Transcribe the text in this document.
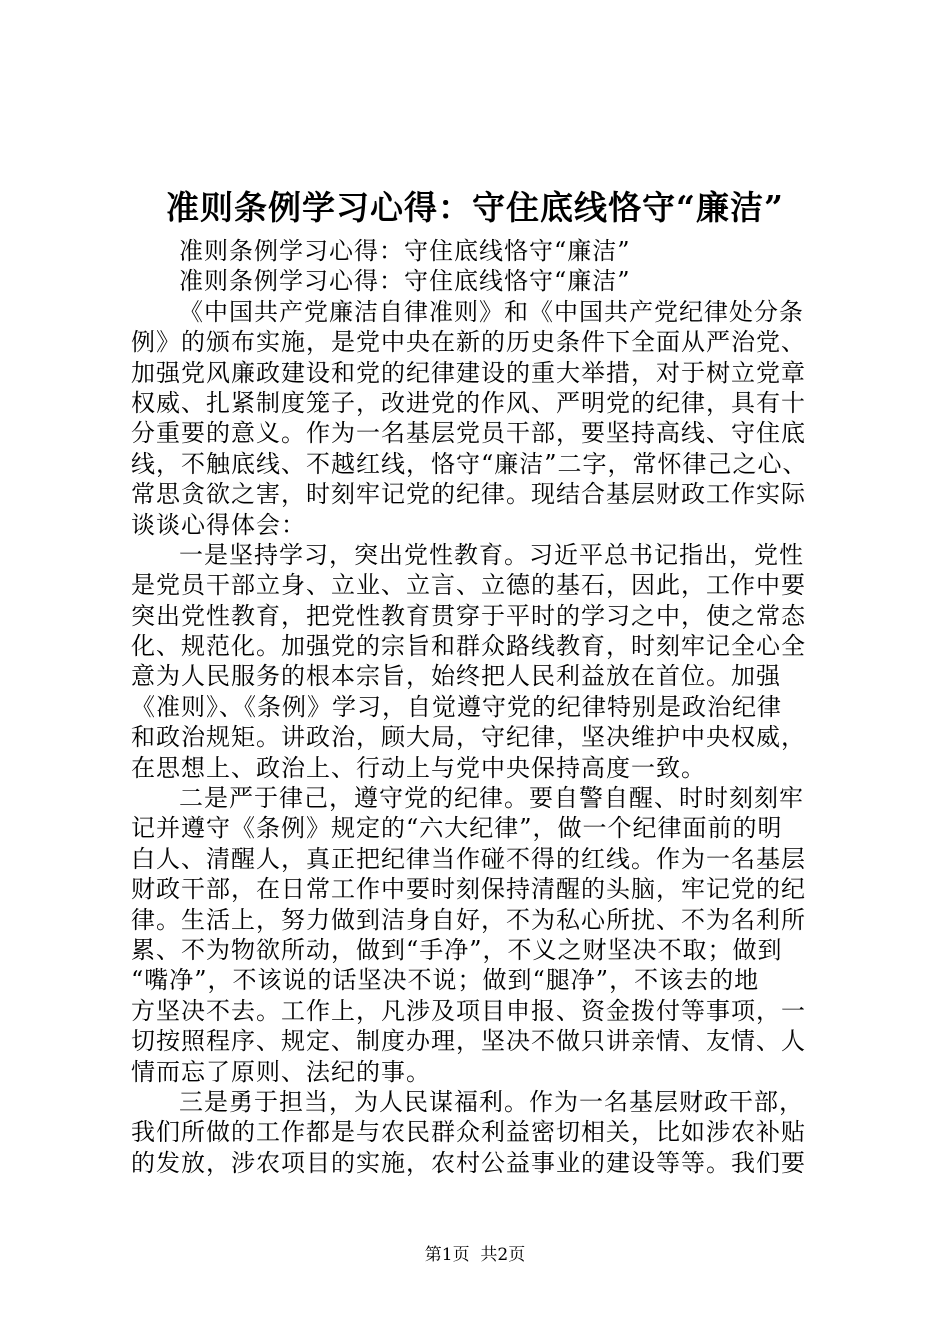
准则条例学习心得：守住底线恪守“廉洁”
准则条例学习心得：守住底线恪守“廉洁”
准则条例学习心得：守住底线恪守“廉洁”
《中国共产党廉洁自律准则》和《中国共产党纪律处分条
例》的颁布实施，是党中央在新的历史条件下全面从严治党、
加强党风廉政建设和党的纪律建设的重大举措，对于树立党章
权威、扎紧制度笼子，改进党的作风、严明党的纪律，具有十
分重要的意义。作为一名基层党员干部，要坚持高线、守住底
线，不触底线、不越红线，恪守“廉洁”二字，常怀律己之心、
常思贪欲之害，时刻牢记党的纪律。现结合基层财政工作实际
谈谈心得体会：
一是坚持学习，突出党性教育。习近平总书记指出，党性
是党员干部立身、立业、立言、立德的基石，因此，工作中要
突出党性教育，把党性教育贯穿于平时的学习之中，使之常态
化、规范化。加强党的宗旨和群众路线教育，时刻牢记全心全
意为人民服务的根本宗旨，始终把人民利益放在首位。加强
《准则》、《条例》学习，自觉遵守党的纪律特别是政治纪律
和政治规矩。讲政治，顾大局，守纪律，坚决维护中央权威，
在思想上、政治上、行动上与党中央保持高度一致。
二是严于律己，遵守党的纪律。要自警自醒、时时刻刻牢
记并遵守《条例》规定的“六大纪律”，做一个纪律面前的明
白人、清醒人，真正把纪律当作碰不得的红线。作为一名基层
财政干部，在日常工作中要时刻保持清醒的头脑，牢记党的纪
律。生活上，努力做到洁身自好，不为私心所扰、不为名利所
累、不为物欲所动，做到“手净”，不义之财坚决不取；做到
“嘴净”，不该说的话坚决不说；做到“腿净”，不该去的地
方坚决不去。工作上，凡涉及项目申报、资金拨付等事项，一
切按照程序、规定、制度办理，坚决不做只讲亲情、友情、人
情而忘了原则、法纪的事。
三是勇于担当，为人民谋福利。作为一名基层财政干部，
我们所做的工作都是与农民群众利益密切相关，比如涉农补贴
的发放，涉农项目的实施，农村公益事业的建设等等。我们要
第1页  共2页
